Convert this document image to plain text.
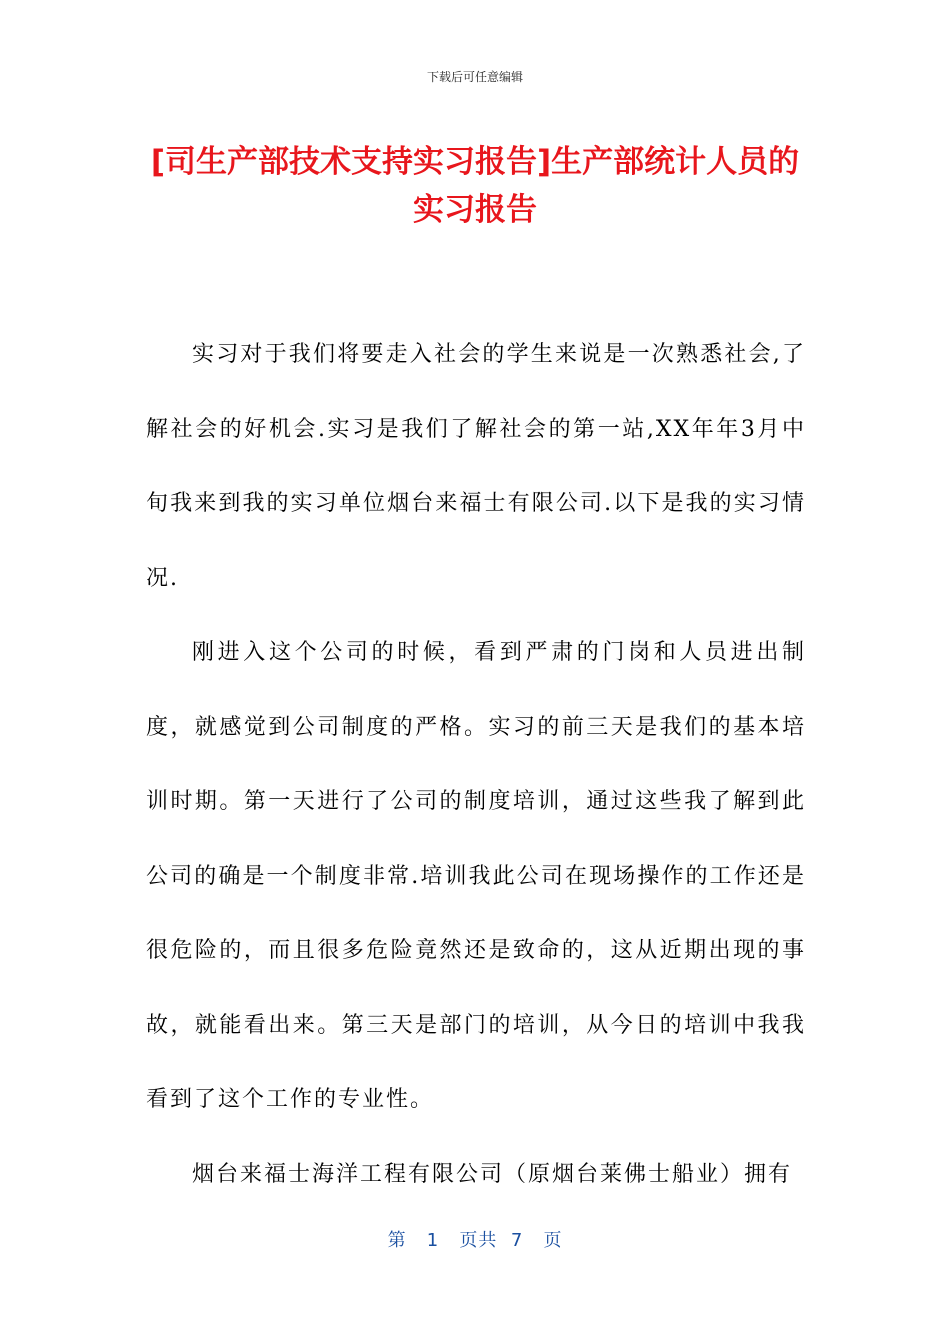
下载后可任意编辑
[司生产部技术支持实习报告]生产部统计人员的实习报告

实习对于我们将要走入社会的学生来说是一次熟悉社会,了解社会的好机会.实习是我们了解社会的第一站,XX年年3月中旬我来到我的实习单位烟台来福士有限公司.以下是我的实习情况.

刚进入这个公司的时候，看到严肃的门岗和人员进出制度，就感觉到公司制度的严格。实习的前三天是我们的基本培训时期。第一天进行了公司的制度培训，通过这些我了解到此公司的确是一个制度非常.培训我此公司在现场操作的工作还是很危险的，而且很多危险竟然还是致命的，这从近期出现的事故，就能看出来。第三天是部门的培训，从今日的培训中我我看到了这个工作的专业性。

烟台来福士海洋工程有限公司（原烟台莱佛士船业）拥有

第 1 页共 7 页
